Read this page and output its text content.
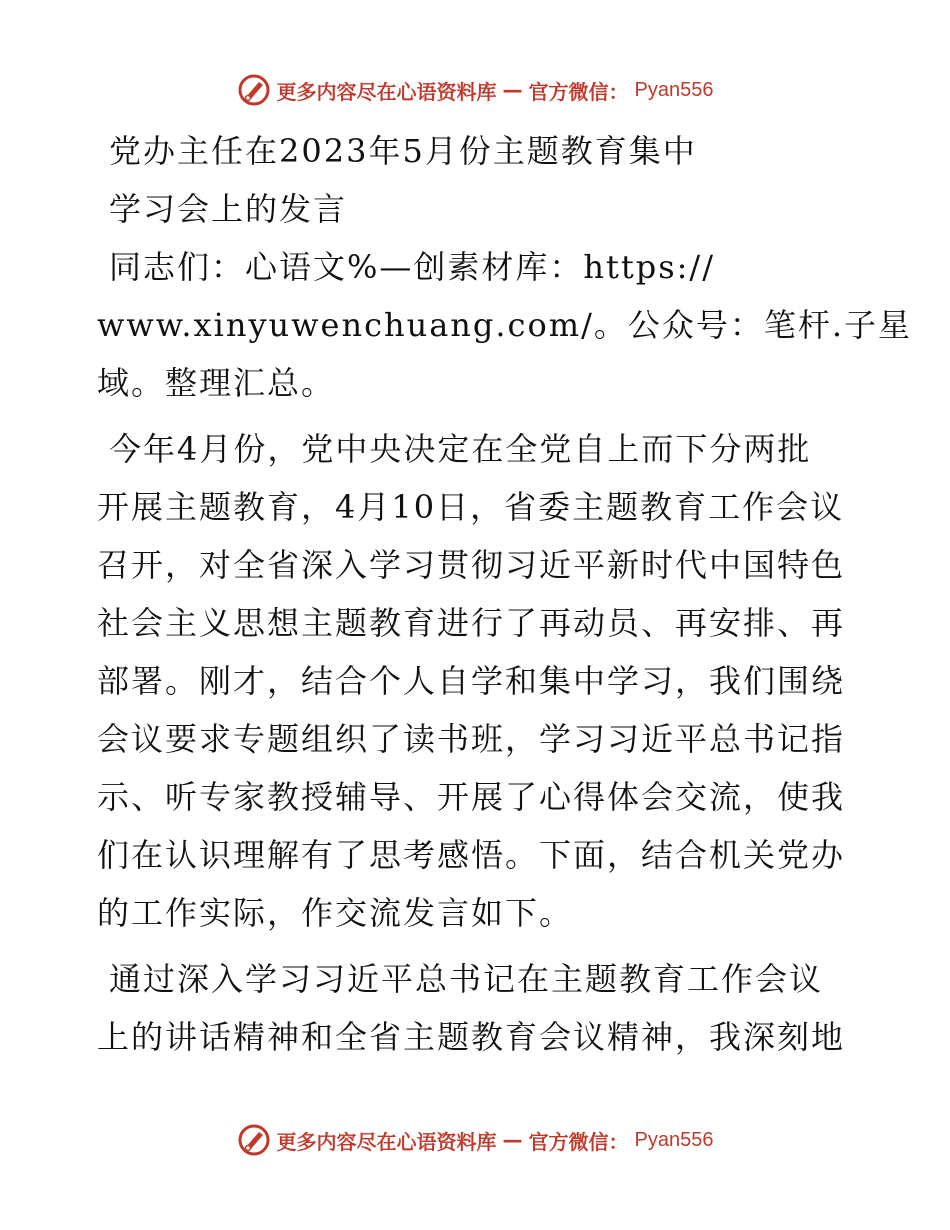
更多内容尽在心语资料库 — 官方微信： Pyan556
党办主任在2023年5月份主题教育集中
学习会上的发言
同志们：心语文%—创素材库：https://
www.xinyuwenchuang.com/。公众号：笔杆.子星
域。整理汇总。
今年4月份，党中央决定在全党自上而下分两批
开展主题教育，4月10日，省委主题教育工作会议
召开，对全省深入学习贯彻习近平新时代中国特色
社会主义思想主题教育进行了再动员、再安排、再
部署。刚才，结合个人自学和集中学习，我们围绕
会议要求专题组织了读书班，学习习近平总书记指
示、听专家教授辅导、开展了心得体会交流，使我
们在认识理解有了思考感悟。下面，结合机关党办
的工作实际，作交流发言如下。
通过深入学习习近平总书记在主题教育工作会议
上的讲话精神和全省主题教育会议精神，我深刻地
更多内容尽在心语资料库 — 官方微信： Pyan556
